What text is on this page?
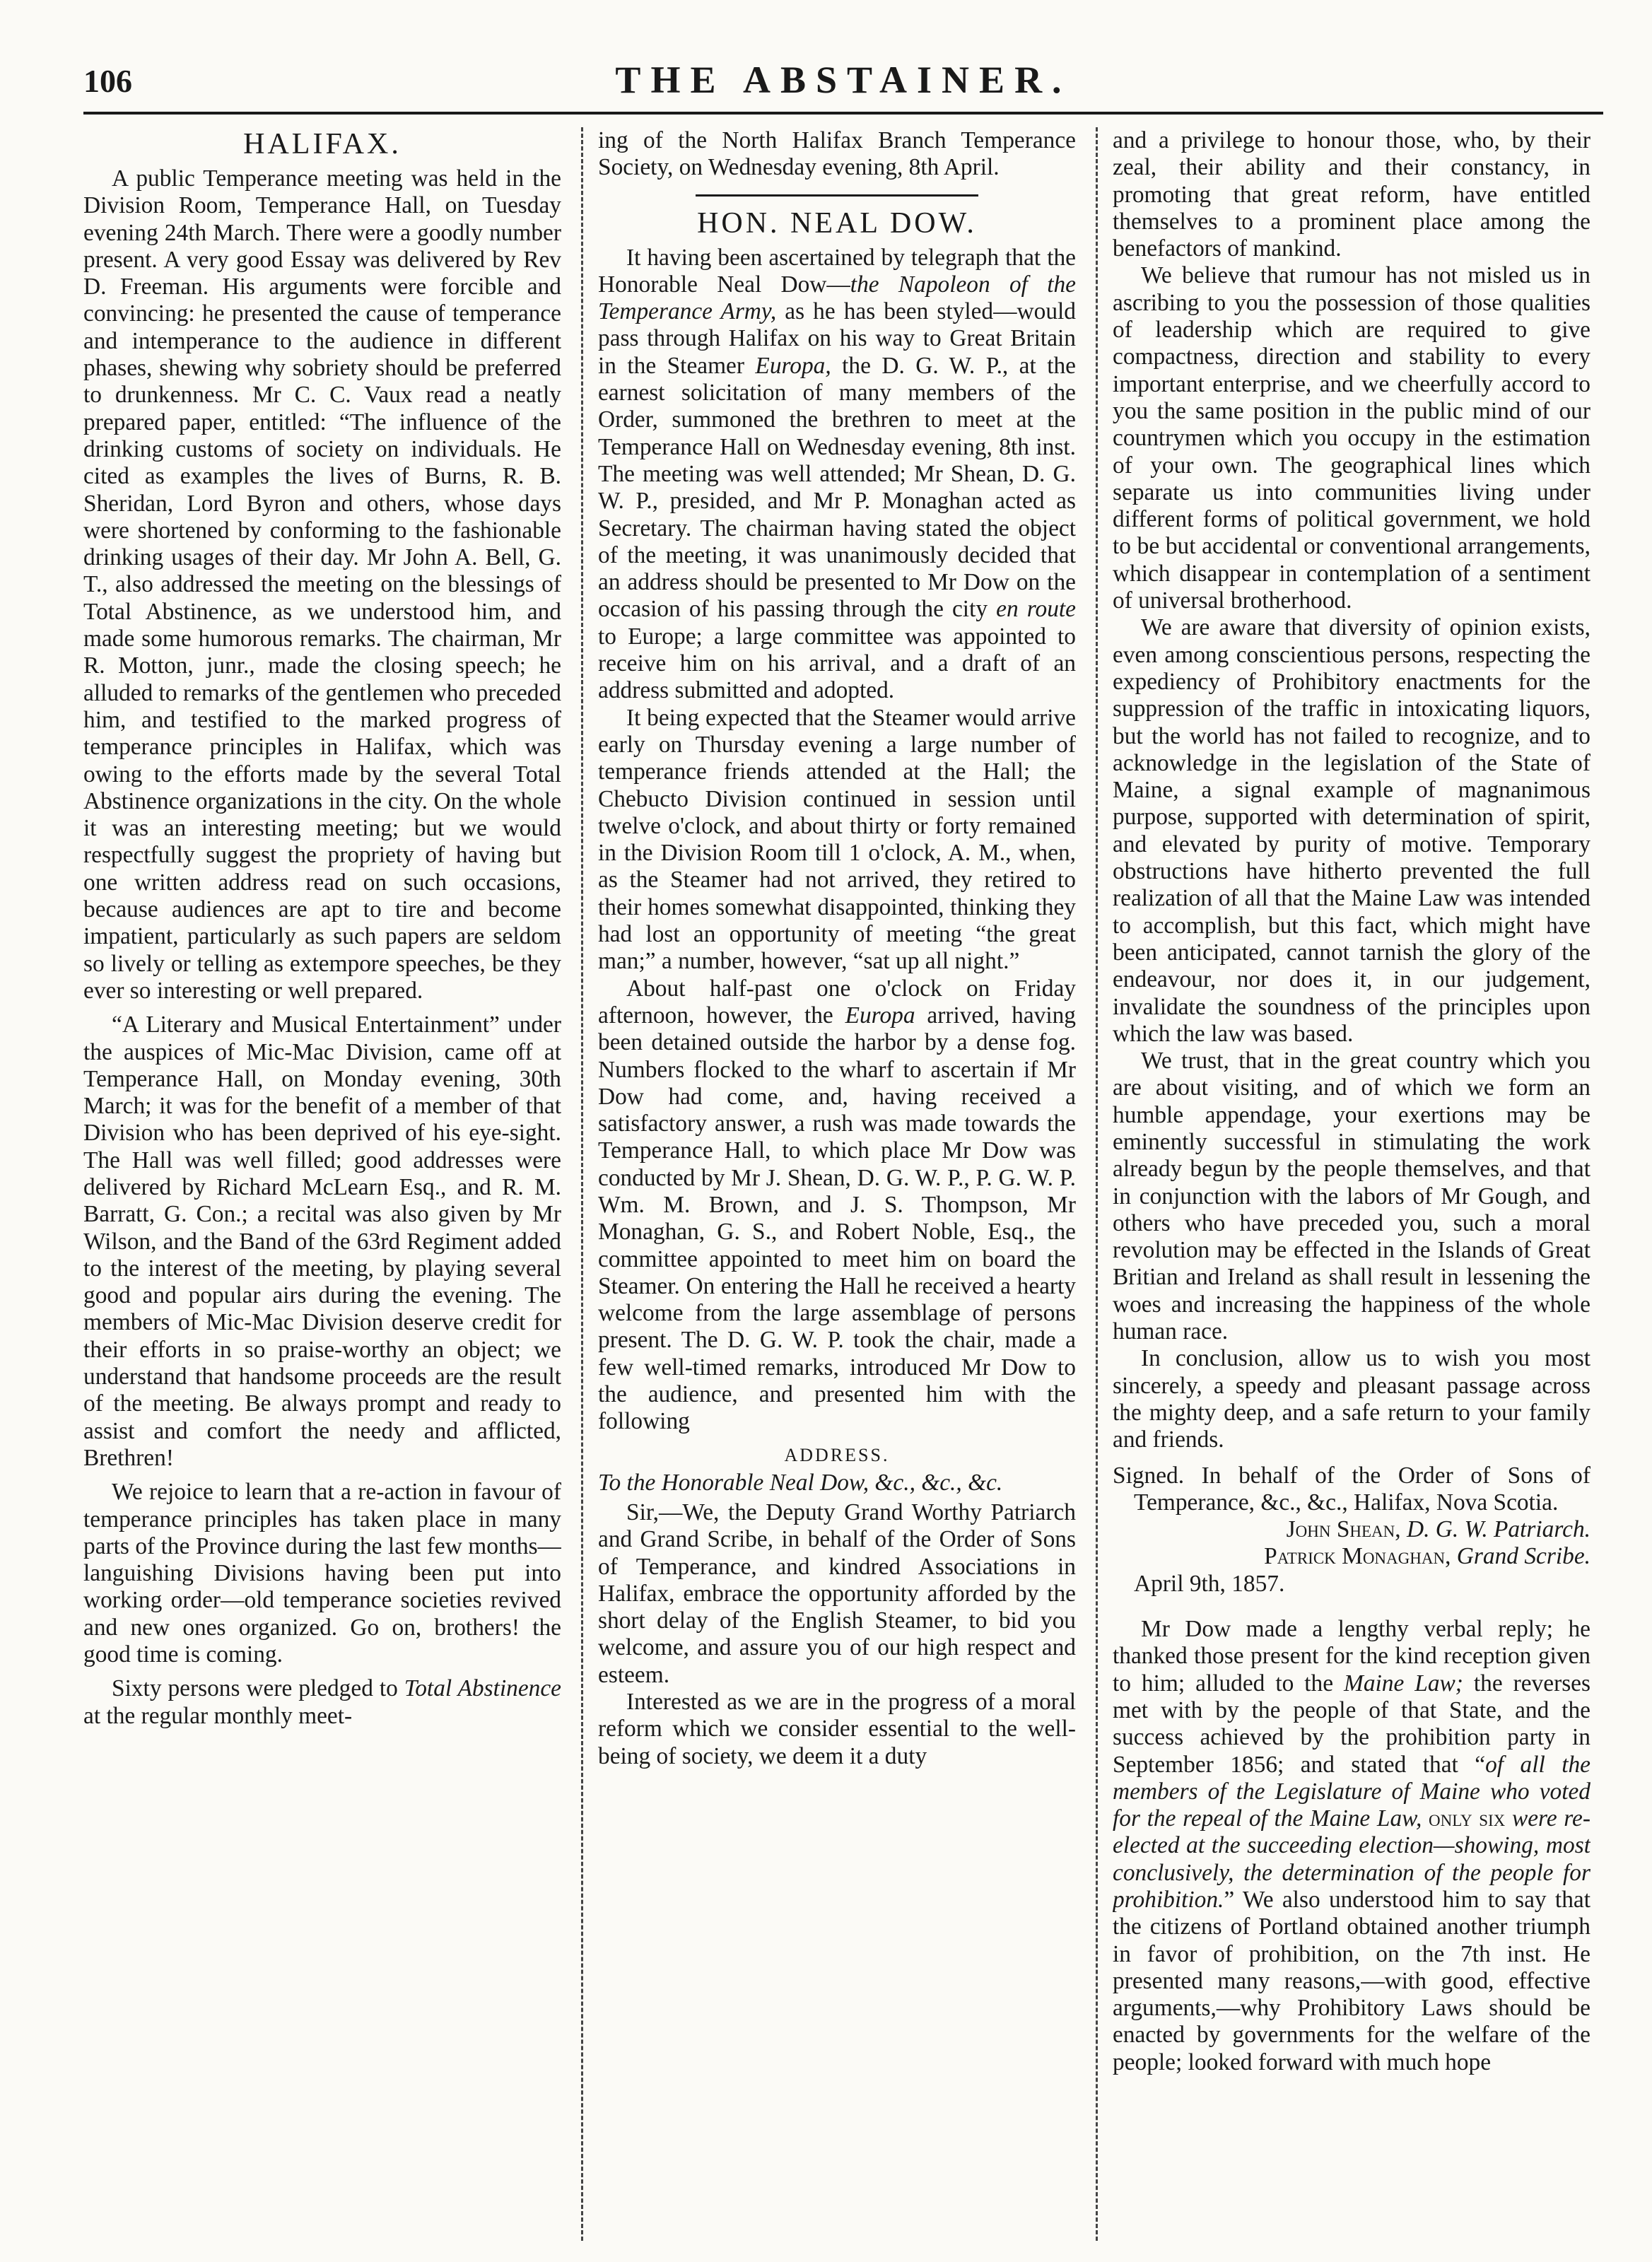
106	THE ABSTAINER.
HALIFAX.

A public Temperance meeting was held in the Division Room, Temperance Hall, on Tuesday evening 24th March. There were a goodly number present. A very good Essay was delivered by Rev D. Freeman. His arguments were forcible and convincing: he presented the cause of temperance and intemperance to the audience in different phases, shewing why sobriety should be preferred to drunkenness. Mr C. C. Vaux read a neatly prepared paper, entitled: “The influence of the drinking customs of society on individuals. He cited as examples the lives of Burns, R. B. Sheridan, Lord Byron and others, whose days were shortened by conforming to the fashionable drinking usages of their day. Mr John A. Bell, G. T., also addressed the meeting on the blessings of Total Abstinence, as we understood him, and made some humorous remarks. The chairman, Mr R. Motton, junr., made the closing speech; he alluded to remarks of the gentlemen who preceded him, and testified to the marked progress of temperance principles in Halifax, which was owing to the efforts made by the several Total Abstinence organizations in the city. On the whole it was an interesting meeting; but we would respectfully suggest the propriety of having but one written address read on such occasions, because audiences are apt to tire and become impatient, particularly as such papers are seldom so lively or telling as extempore speeches, be they ever so interesting or well prepared.

“A Literary and Musical Entertainment” under the auspices of Mic-Mac Division, came off at Temperance Hall, on Monday evening, 30th March; it was for the benefit of a member of that Division who has been deprived of his eye-sight. The Hall was well filled; good addresses were delivered by Richard McLearn Esq., and R. M. Barratt, G. Con.; a recital was also given by Mr Wilson, and the Band of the 63rd Regiment added to the interest of the meeting, by playing several good and popular airs during the evening. The members of Mic-Mac Division deserve credit for their efforts in so praise-worthy an object; we understand that handsome proceeds are the result of the meeting. Be always prompt and ready to assist and comfort the needy and afflicted, Brethren!

We rejoice to learn that a re-action in favour of temperance principles has taken place in many parts of the Province during the last few months—languishing Divisions having been put into working order—old temperance societies revived and new ones organized. Go on, brothers! the good time is coming.

Sixty persons were pledged to Total Abstinence at the regular monthly meet-

ing of the North Halifax Branch Temperance Society, on Wednesday evening, 8th April.

HON. NEAL DOW.

It having been ascertained by telegraph that the Honorable Neal Dow—the Napoleon of the Temperance Army, as he has been styled—would pass through Halifax on his way to Great Britain in the Steamer Europa, the D. G. W. P., at the earnest solicitation of many members of the Order, summoned the brethren to meet at the Temperance Hall on Wednesday evening, 8th inst. The meeting was well attended; Mr Shean, D. G. W. P., presided, and Mr P. Monaghan acted as Secretary. The chairman having stated the object of the meeting, it was unanimously decided that an address should be presented to Mr Dow on the occasion of his passing through the city en route to Europe; a large committee was appointed to receive him on his arrival, and a draft of an address submitted and adopted.

It being expected that the Steamer would arrive early on Thursday evening a large number of temperance friends attended at the Hall; the Chebucto Division continued in session until twelve o'clock, and about thirty or forty remained in the Division Room till 1 o'clock, A. M., when, as the Steamer had not arrived, they retired to their homes somewhat disappointed, thinking they had lost an opportunity of meeting “the great man;” a number, however, “sat up all night.”

About half-past one o'clock on Friday afternoon, however, the Europa arrived, having been detained outside the harbor by a dense fog. Numbers flocked to the wharf to ascertain if Mr Dow had come, and, having received a satisfactory answer, a rush was made towards the Temperance Hall, to which place Mr Dow was conducted by Mr J. Shean, D. G. W. P., P. G. W. P. Wm. M. Brown, and J. S. Thompson, Mr Monaghan, G. S., and Robert Noble, Esq., the committee appointed to meet him on board the Steamer. On entering the Hall he received a hearty welcome from the large assemblage of persons present. The D. G. W. P. took the chair, made a few well-timed remarks, introduced Mr Dow to the audience, and presented him with the following

ADDRESS.

To the Honorable Neal Dow, &c., &c., &c.

Sir,—We, the Deputy Grand Worthy Patriarch and Grand Scribe, in behalf of the Order of Sons of Temperance, and kindred Associations in Halifax, embrace the opportunity afforded by the short delay of the English Steamer, to bid you welcome, and assure you of our high respect and esteem.

Interested as we are in the progress of a moral reform which we consider essential to the well-being of society, we deem it a duty

and a privilege to honour those, who, by their zeal, their ability and their constancy, in promoting that great reform, have entitled themselves to a prominent place among the benefactors of mankind.

We believe that rumour has not misled us in ascribing to you the possession of those qualities of leadership which are required to give compactness, direction and stability to every important enterprise, and we cheerfully accord to you the same position in the public mind of our countrymen which you occupy in the estimation of your own. The geographical lines which separate us into communities living under different forms of political government, we hold to be but accidental or conventional arrangements, which disappear in contemplation of a sentiment of universal brotherhood.

We are aware that diversity of opinion exists, even among conscientious persons, respecting the expediency of Prohibitory enactments for the suppression of the traffic in intoxicating liquors, but the world has not failed to recognize, and to acknowledge in the legislation of the State of Maine, a signal example of magnanimous purpose, supported with determination of spirit, and elevated by purity of motive. Temporary obstructions have hitherto prevented the full realization of all that the Maine Law was intended to accomplish, but this fact, which might have been anticipated, cannot tarnish the glory of the endeavour, nor does it, in our judgement, invalidate the soundness of the principles upon which the law was based.

We trust, that in the great country which you are about visiting, and of which we form an humble appendage, your exertions may be eminently successful in stimulating the work already begun by the people themselves, and that in conjunction with the labors of Mr Gough, and others who have preceded you, such a moral revolution may be effected in the Islands of Great Britian and Ireland as shall result in lessening the woes and increasing the happiness of the whole human race.

In conclusion, allow us to wish you most sincerely, a speedy and pleasant passage across the mighty deep, and a safe return to your family and friends.

Signed. In behalf of the Order of Sons of Temperance, &c., &c., Halifax, Nova Scotia.

John Shean, D. G. W. Patriarch.

Patrick Monaghan, Grand Scribe.

April 9th, 1857.

Mr Dow made a lengthy verbal reply; he thanked those present for the kind reception given to him; alluded to the Maine Law; the reverses met with by the people of that State, and the success achieved by the prohibition party in September 1856; and stated that “of all the members of the Legislature of Maine who voted for the repeal of the Maine Law, only six were re-elected at the succeeding election—showing, most conclusively, the determination of the people for prohibition.” We also understood him to say that the citizens of Portland obtained another triumph in favor of prohibition, on the 7th inst. He presented many reasons,—with good, effective arguments,—why Prohibitory Laws should be enacted by governments for the welfare of the people; looked forward with much hope
